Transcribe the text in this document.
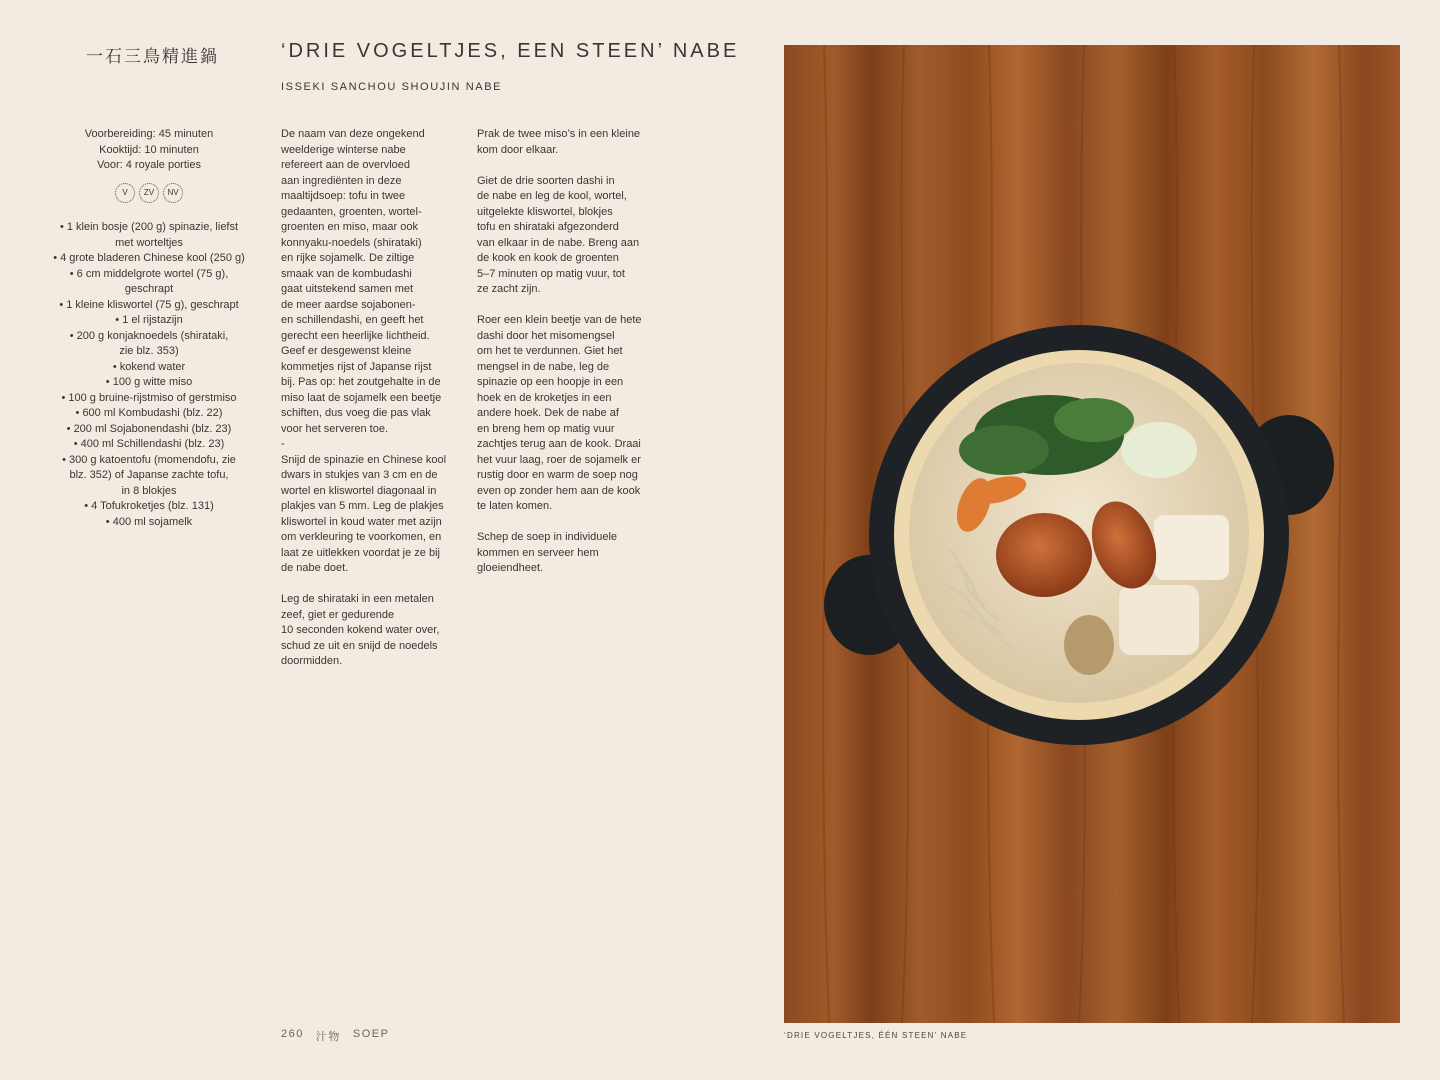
一石三鳥精進鍋	‘DRIE VOGELTJES, EEN STEEN’ NABE
ISSEKI SANCHOU SHOUJIN NABE
Voorbereiding: 45 minuten
Kooktijd: 10 minuten
Voor: 4 royale porties
V	ZV	NV
• 1 klein bosje (200 g) spinazie, liefst
met worteltjes
• 4 grote bladeren Chinese kool (250 g)
• 6 cm middelgrote wortel (75 g),
geschrapt
• 1 kleine kliswortel (75 g), geschrapt
• 1 el rijstazijn
• 200 g konjaknoedels (shirataki,
zie blz. 353)
• kokend water
• 100 g witte miso
• 100 g bruine-rijstmiso of gerstmiso
• 600 ml Kombudashi (blz. 22)
• 200 ml Sojabonendashi (blz. 23)
• 400 ml Schillendashi (blz. 23)
• 300 g katoentofu (momendofu, zie
blz. 352) of Japanse zachte tofu,
in 8 blokjes
• 4 Tofukroketjes (blz. 131)
• 400 ml sojamelk

De naam van deze ongekend
weelderige winterse nabe
refereert aan de overvloed
aan ingrediënten in deze
maaltijdsoep: tofu in twee
gedaanten, groenten, wortel-
groenten en miso, maar ook
konnyaku-noedels (shirataki)
en rijke sojamelk. De ziltige
smaak van de kombudashi
gaat uitstekend samen met
de meer aardse sojabonen-
en schillendashi, en geeft het
gerecht een heerlijke lichtheid.
Geef er desgewenst kleine
kommetjes rijst of Japanse rijst
bij. Pas op: het zoutgehalte in de
miso laat de sojamelk een beetje
schiften, dus voeg die pas vlak
voor het serveren toe.
-
Snijd de spinazie en Chinese kool
dwars in stukjes van 3 cm en de
wortel en kliswortel diagonaal in
plakjes van 5 mm. Leg de plakjes
kliswortel in koud water met azijn
om verkleuring te voorkomen, en
laat ze uitlekken voordat je ze bij
de nabe doet.

Leg de shirataki in een metalen
zeef, giet er gedurende
10 seconden kokend water over,
schud ze uit en snijd de noedels
doormidden.

Prak de twee miso’s in een kleine
kom door elkaar.

Giet de drie soorten dashi in
de nabe en leg de kool, wortel,
uitgelekte kliswortel, blokjes
tofu en shirataki afgezonderd
van elkaar in de nabe. Breng aan
de kook en kook de groenten
5–7 minuten op matig vuur, tot
ze zacht zijn.

Roer een klein beetje van de hete
dashi door het misomengsel
om het te verdunnen. Giet het
mengsel in de nabe, leg de
spinazie op een hoopje in een
hoek en de kroketjes in een
andere hoek. Dek de nabe af
en breng hem op matig vuur
zachtjes terug aan de kook. Draai
het vuur laag, roer de sojamelk er
rustig door en warm de soep nog
even op zonder hem aan de kook
te laten komen.

Schep de soep in individuele
kommen en serveer hem
gloeiendheet.

260 汁物 SOEP	‘DRIE VOGELTJES, ÉÉN STEEN’ NABE
